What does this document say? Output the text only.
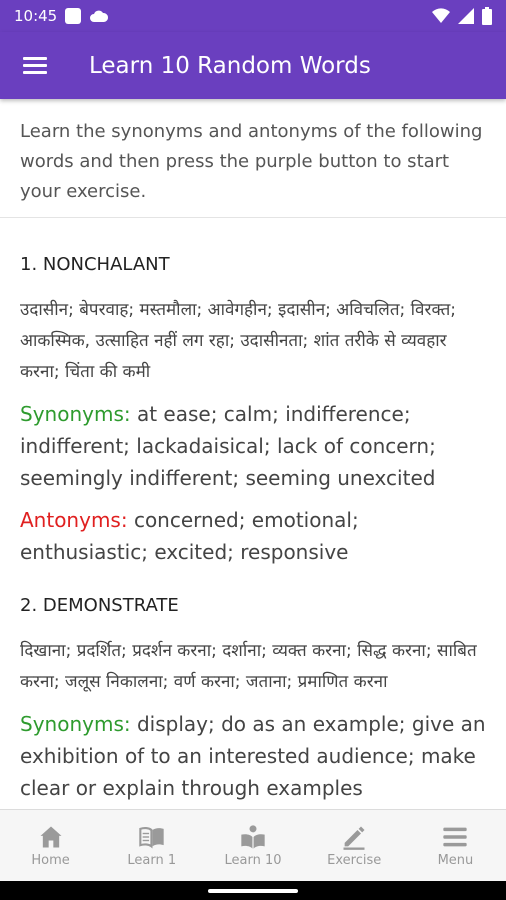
10:45
Learn 10 Random Words
Learn the synonyms and antonyms of the following words and then press the purple button to start your exercise.
1. NONCHALANT
उदासीन; बेपरवाह; मस्तमौला; आवेगहीन; इदासीन; अविचलित; विरक्त; आकस्मिक, उत्साहित नहीं लग रहा; उदासीनता; शांत तरीके से व्यवहार करना; चिंता की कमी
Synonyms: at ease; calm; indifference; indifferent; lackadaisical; lack of concern; seemingly indifferent; seeming unexcited
Antonyms: concerned; emotional; enthusiastic; excited; responsive
2. DEMONSTRATE
दिखाना; प्रदर्शित; प्रदर्शन करना; दर्शाना; व्यक्त करना; सिद्ध करना; साबित करना; जलूस निकालना; वर्ण करना; जताना; प्रमाणित करना
Synonyms: display; do as an example; give an exhibition of to an interested audience; make clear or explain through examples
Home	Learn 1	Learn 10	Exercise	Menu
